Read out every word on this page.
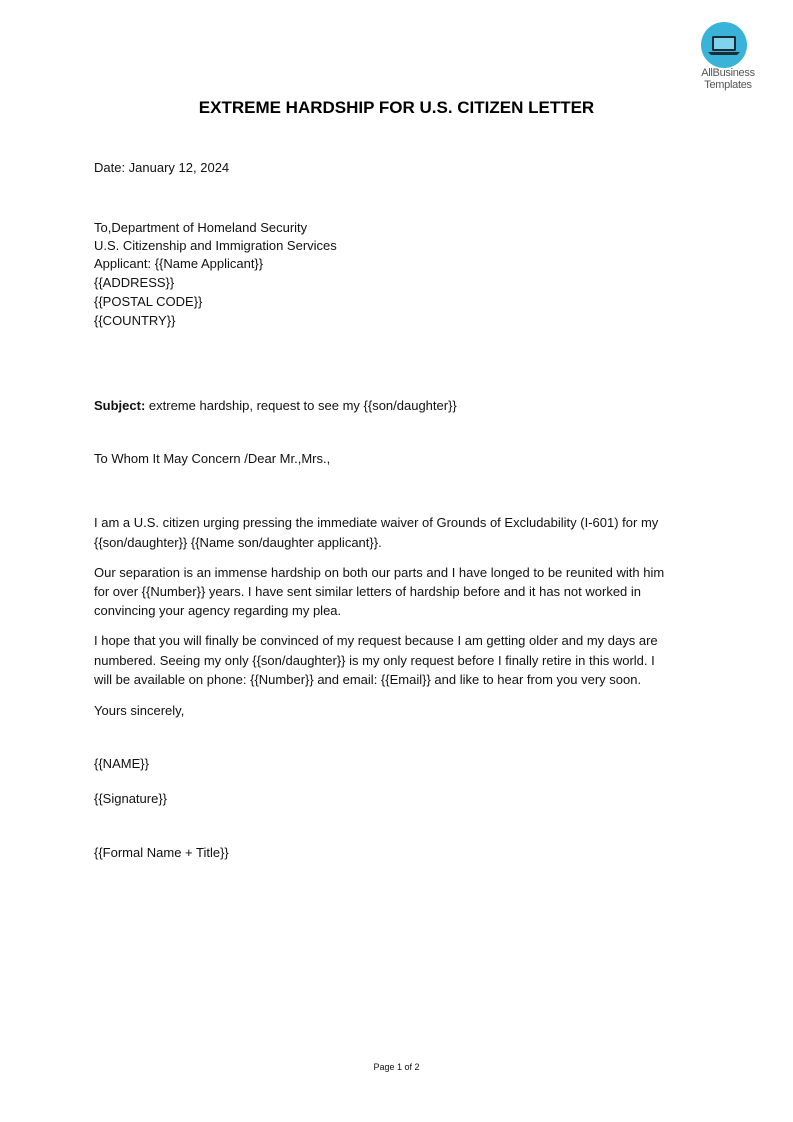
AllBusiness
Templates
EXTREME HARDSHIP FOR U.S. CITIZEN LETTER
Date: January 12, 2024
To,Department of Homeland Security
U.S. Citizenship and Immigration Services
Applicant: {{Name Applicant}}
{{ADDRESS}}
{{POSTAL CODE}}
{{COUNTRY}}
Subject: extreme hardship, request to see my {{son/daughter}}
To Whom It May Concern /Dear Mr.,Mrs.,
I am a U.S. citizen urging pressing the immediate waiver of Grounds of Excludability (I-601) for my
{{son/daughter}} {{Name son/daughter applicant}}.
Our separation is an immense hardship on both our parts and I have longed to be reunited with him
for over {{Number}} years. I have sent similar letters of hardship before and it has not worked in
convincing your agency regarding my plea.
I hope that you will finally be convinced of my request because I am getting older and my days are
numbered. Seeing my only {{son/daughter}} is my only request before I finally retire in this world. I
will be available on phone: {{Number}} and email: {{Email}} and like to hear from you very soon.
Yours sincerely,
{{NAME}}
{{Signature}}
{{Formal Name + Title}}
Page 1 of 2
